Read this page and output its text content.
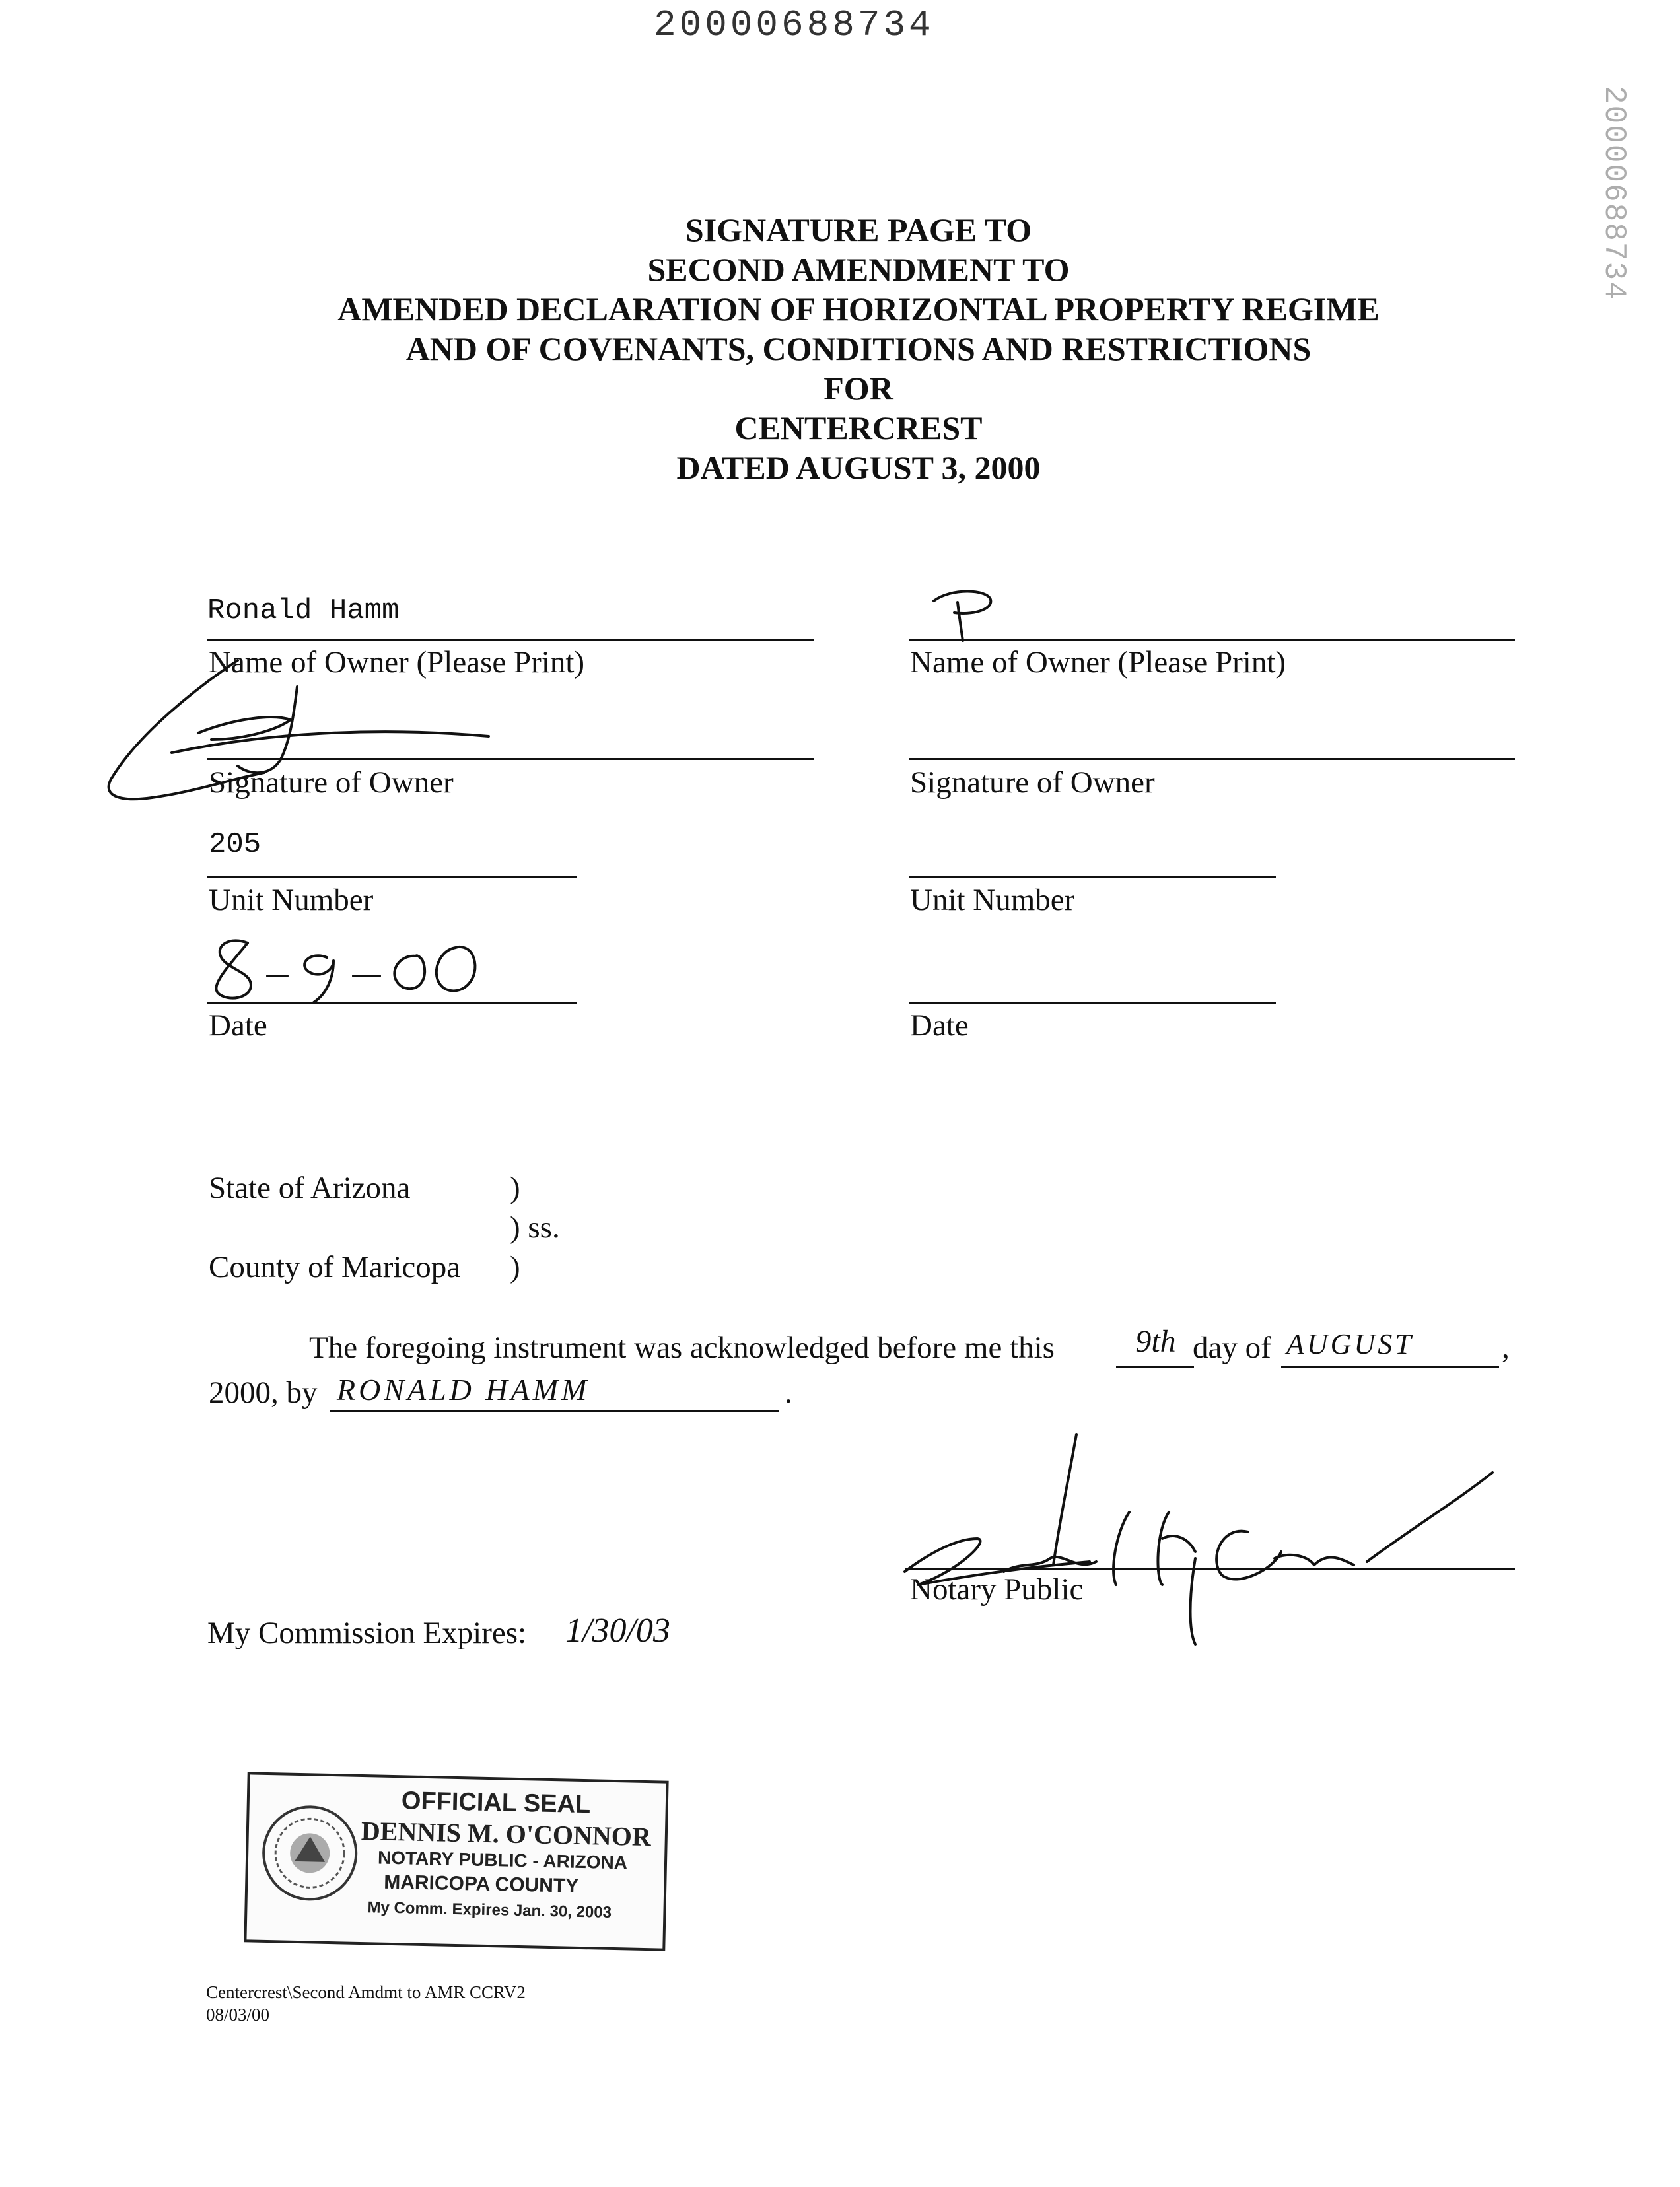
20000688734
20000688734
SIGNATURE PAGE TO
SECOND AMENDMENT TO
AMENDED DECLARATION OF HORIZONTAL PROPERTY REGIME
AND OF COVENANTS, CONDITIONS AND RESTRICTIONS
FOR
CENTERCREST
DATED AUGUST 3, 2000
Ronald Hamm
Name of Owner (Please Print)
Signature of Owner
205
Unit Number
Date
Name of Owner (Please Print)
Signature of Owner
Unit Number
Date
State of Arizona	)
) ss.
County of Maricopa )
The foregoing instrument was acknowledged before me this	9th day of AUGUST	,
2000, by RONALD HAMM	.
Notary Public
My Commission Expires: 1/30/03
OFFICIAL SEAL
DENNIS M. O'CONNOR
NOTARY PUBLIC - ARIZONA
MARICOPA COUNTY
My Comm. Expires Jan. 30, 2003
Centercrest\Second Amdmt to AMR CCRV2
08/03/00
